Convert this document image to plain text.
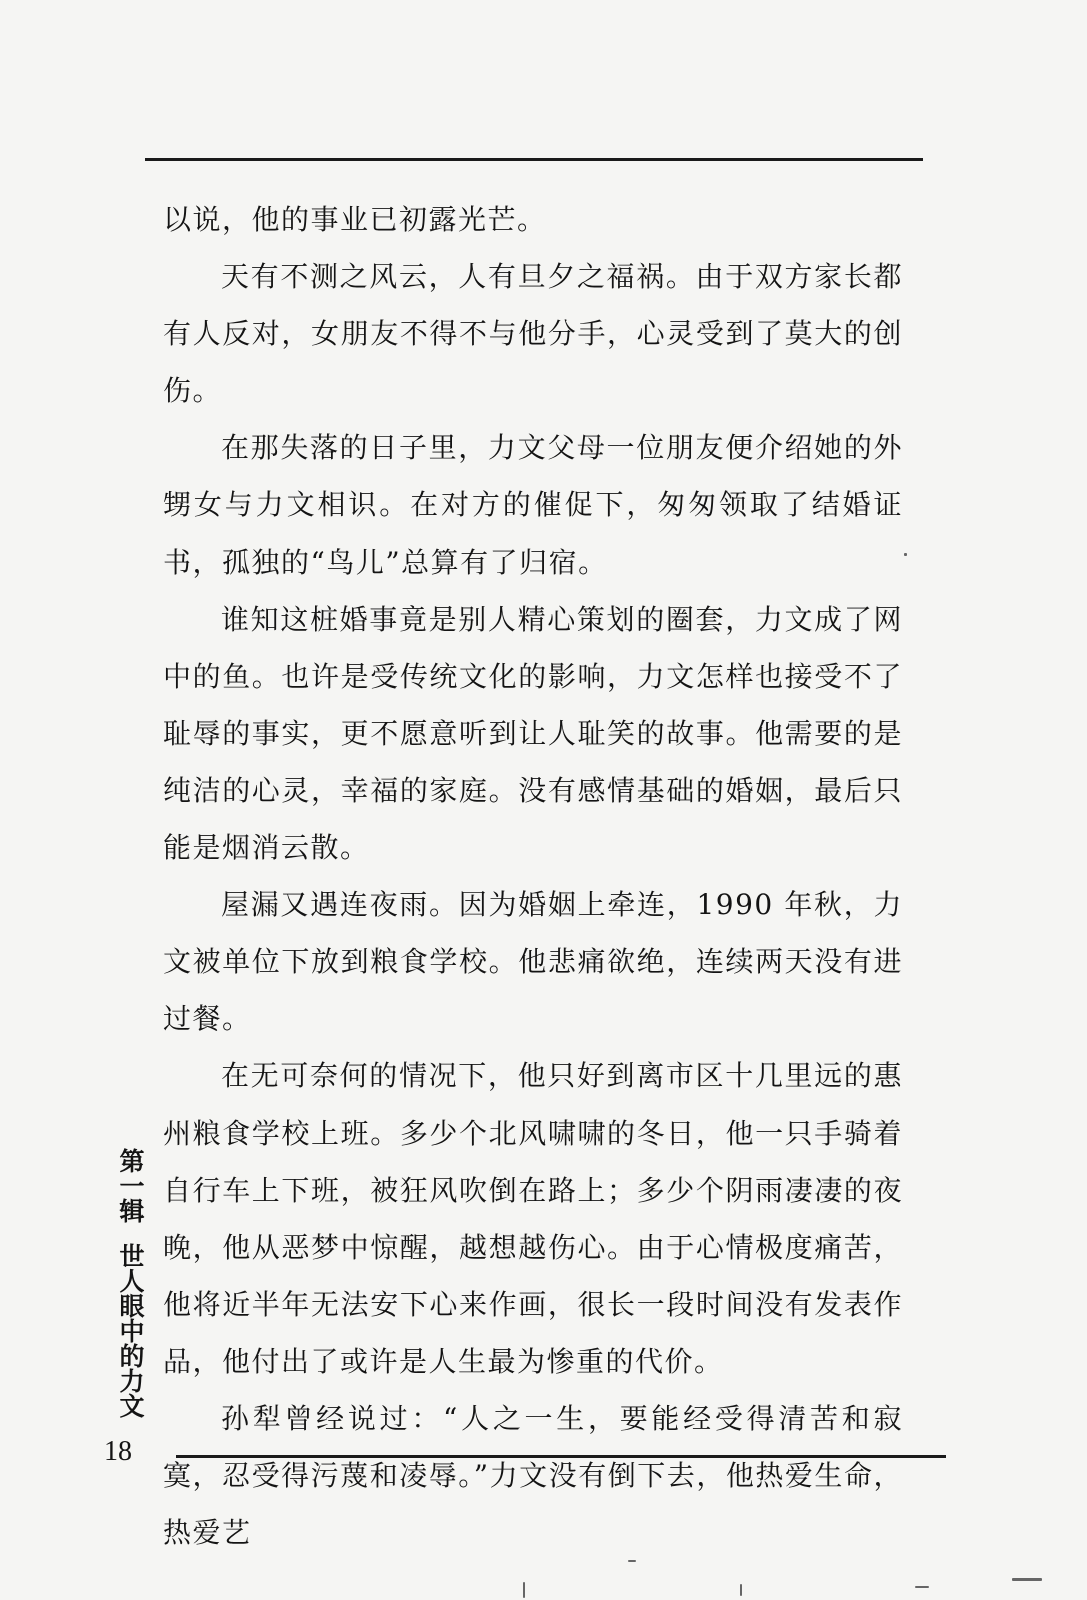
以说，他的事业已初露光芒。

天有不测之风云，人有旦夕之福祸。由于双方家长都有人反对，女朋友不得不与他分手，心灵受到了莫大的创伤。

在那失落的日子里，力文父母一位朋友便介绍她的外甥女与力文相识。在对方的催促下，匆匆领取了结婚证书，孤独的“鸟儿”总算有了归宿。

谁知这桩婚事竟是别人精心策划的圈套，力文成了网中的鱼。也许是受传统文化的影响，力文怎样也接受不了耻辱的事实，更不愿意听到让人耻笑的故事。他需要的是纯洁的心灵，幸福的家庭。没有感情基础的婚姻，最后只能是烟消云散。

屋漏又遇连夜雨。因为婚姻上牵连，1990 年秋，力文被单位下放到粮食学校。他悲痛欲绝，连续两天没有进过餐。

在无可奈何的情况下，他只好到离市区十几里远的惠州粮食学校上班。多少个北风啸啸的冬日，他一只手骑着自行车上下班，被狂风吹倒在路上；多少个阴雨凄凄的夜晚，他从恶梦中惊醒，越想越伤心。由于心情极度痛苦，他将近半年无法安下心来作画，很长一段时间没有发表作品，他付出了或许是人生最为惨重的代价。

孙犁曾经说过：“人之一生，要能经受得清苦和寂寞，忍受得污蔑和凌辱。”力文没有倒下去，他热爱生命，热爱艺

第一辑世人眼中的力文
18
